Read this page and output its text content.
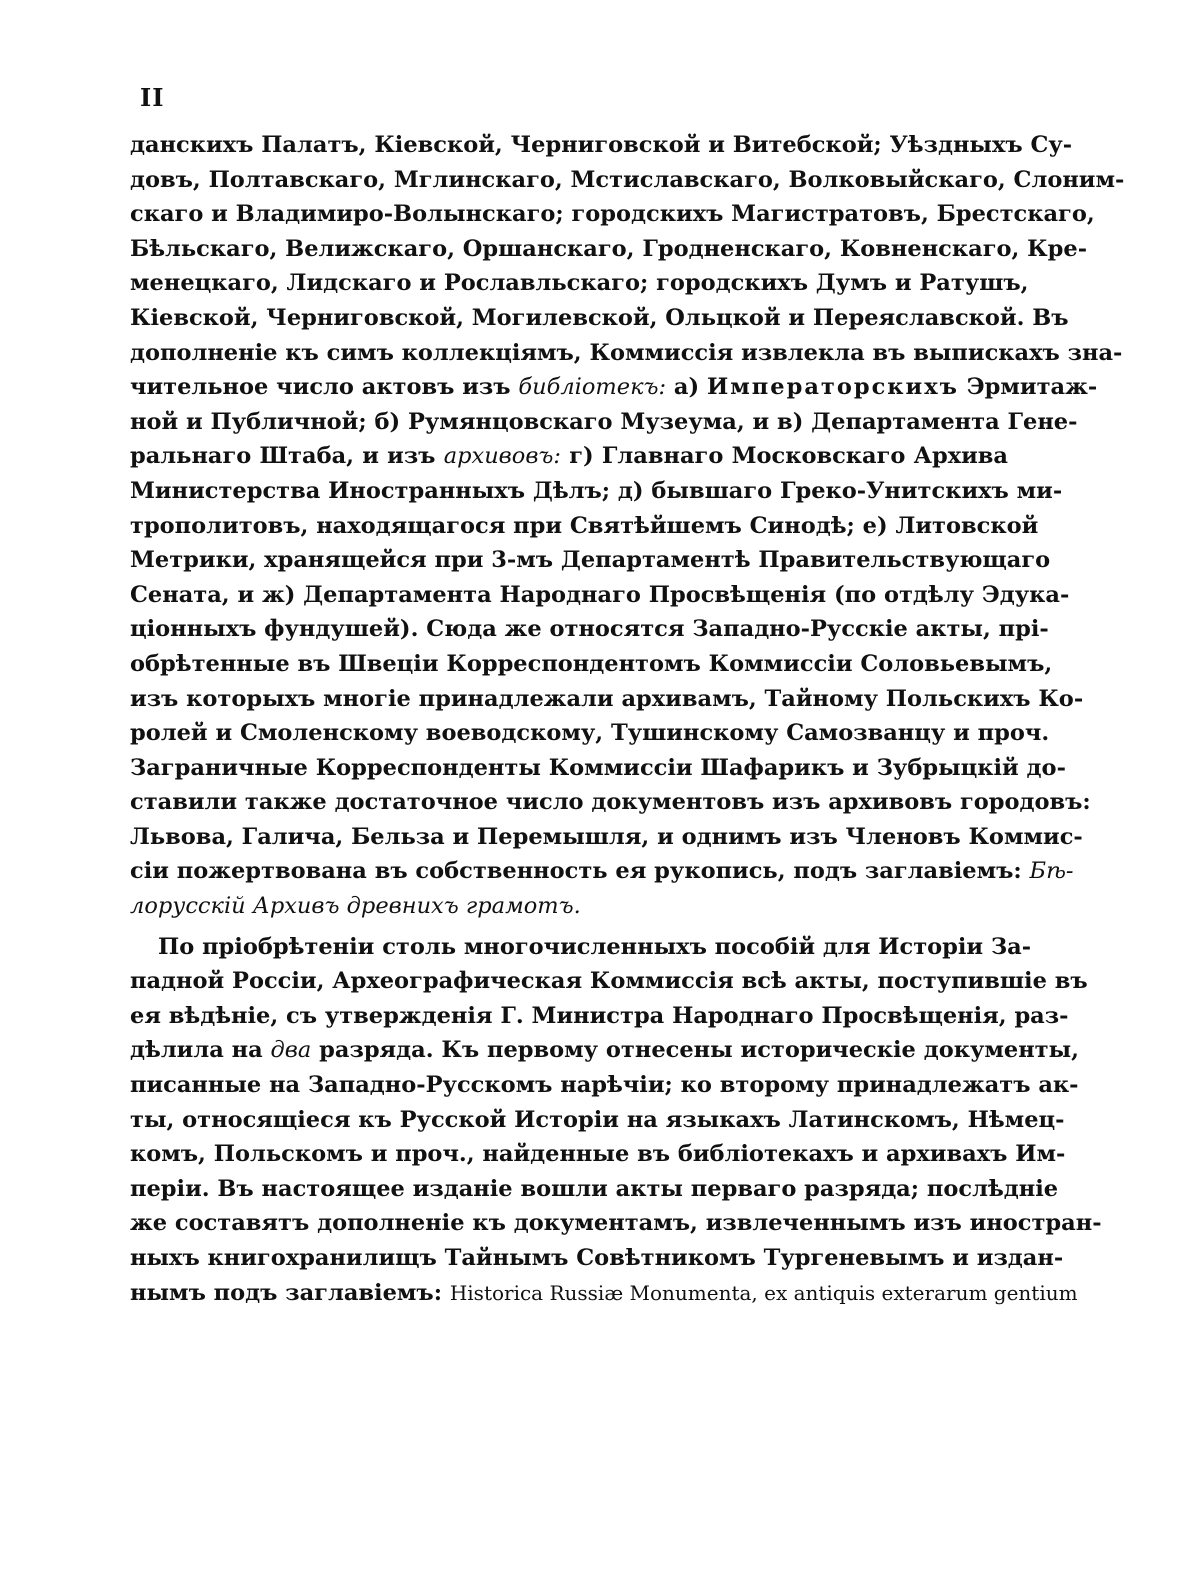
II
данскихъ Палатъ, Кіевской, Черниговской и Витебской; Уѣздныхъ Су-
довъ, Полтавскаго, Мглинскаго, Мстиславскаго, Волковыйскаго, Слоним-
скаго и Владимиро-Волынскаго; городскихъ Магистратовъ, Брестскаго,
Бѣльскаго, Велижскаго, Оршанскаго, Гродненскаго, Ковненскаго, Кре-
менецкаго, Лидскаго и Рославльскаго; городскихъ Думъ и Ратушъ,
Кіевской, Черниговской, Могилевской, Ольцкой и Переяславской. Въ
дополненіе къ симъ коллекціямъ, Коммиссія извлекла въ выпискахъ зна-
чительное число актовъ изъ библіотекъ: а) Императорскихъ Эрмитаж-
ной и Публичной; б) Румянцовскаго Музеума, и в) Департамента Гене-
ральнаго Штаба, и изъ архивовъ: г) Главнаго Московскаго Архива
Министерства Иностранныхъ Дѣлъ; д) бывшаго Греко-Унитскихъ ми-
трополитовъ, находящагося при Святѣйшемъ Синодѣ; е) Литовской
Метрики, хранящейся при 3-мъ Департаментѣ Правительствующаго
Сената, и ж) Департамента Народнаго Просвѣщенія (по отдѣлу Эдука-
ціонныхъ фундушей). Сюда же относятся Западно-Русскіе акты, прі-
обрѣтенные въ Швеціи Корреспондентомъ Коммиссіи Соловьевымъ,
изъ которыхъ многіе принадлежали архивамъ, Тайному Польскихъ Ко-
ролей и Смоленскому воеводскому, Тушинскому Самозванцу и проч.
Заграничные Корреспонденты Коммиссіи Шафарикъ и Зубрыцкій до-
ставили также достаточное число документовъ изъ архивовъ городовъ:
Львова, Галича, Бельза и Перемышля, и однимъ изъ Членовъ Коммис-
сіи пожертвована въ собственность ея рукопись, подъ заглавіемъ: Бѣ-
лорусскій Архивъ древнихъ грамотъ.
По пріобрѣтеніи столь многочисленныхъ пособій для Исторіи За-
падной Россіи, Археографическая Коммиссія всѣ акты, поступившіе въ
ея вѣдѣніе, съ утвержденія Г. Министра Народнаго Просвѣщенія, раз-
дѣлила на два разряда. Къ первому отнесены историческіе документы,
писанные на Западно-Русскомъ нарѣчіи; ко второму принадлежатъ ак-
ты, относящіеся къ Русской Исторіи на языкахъ Латинскомъ, Нѣмец-
комъ, Польскомъ и проч., найденные въ библіотекахъ и архивахъ Им-
періи. Въ настоящее изданіе вошли акты перваго разряда; послѣдніе
же составятъ дополненіе къ документамъ, извлеченнымъ изъ иностран-
ныхъ книгохранилищъ Тайнымъ Совѣтникомъ Тургеневымъ и издан-
нымъ подъ заглавіемъ: Historica Russiæ Monumenta, ex antiquis exterarum gentium
